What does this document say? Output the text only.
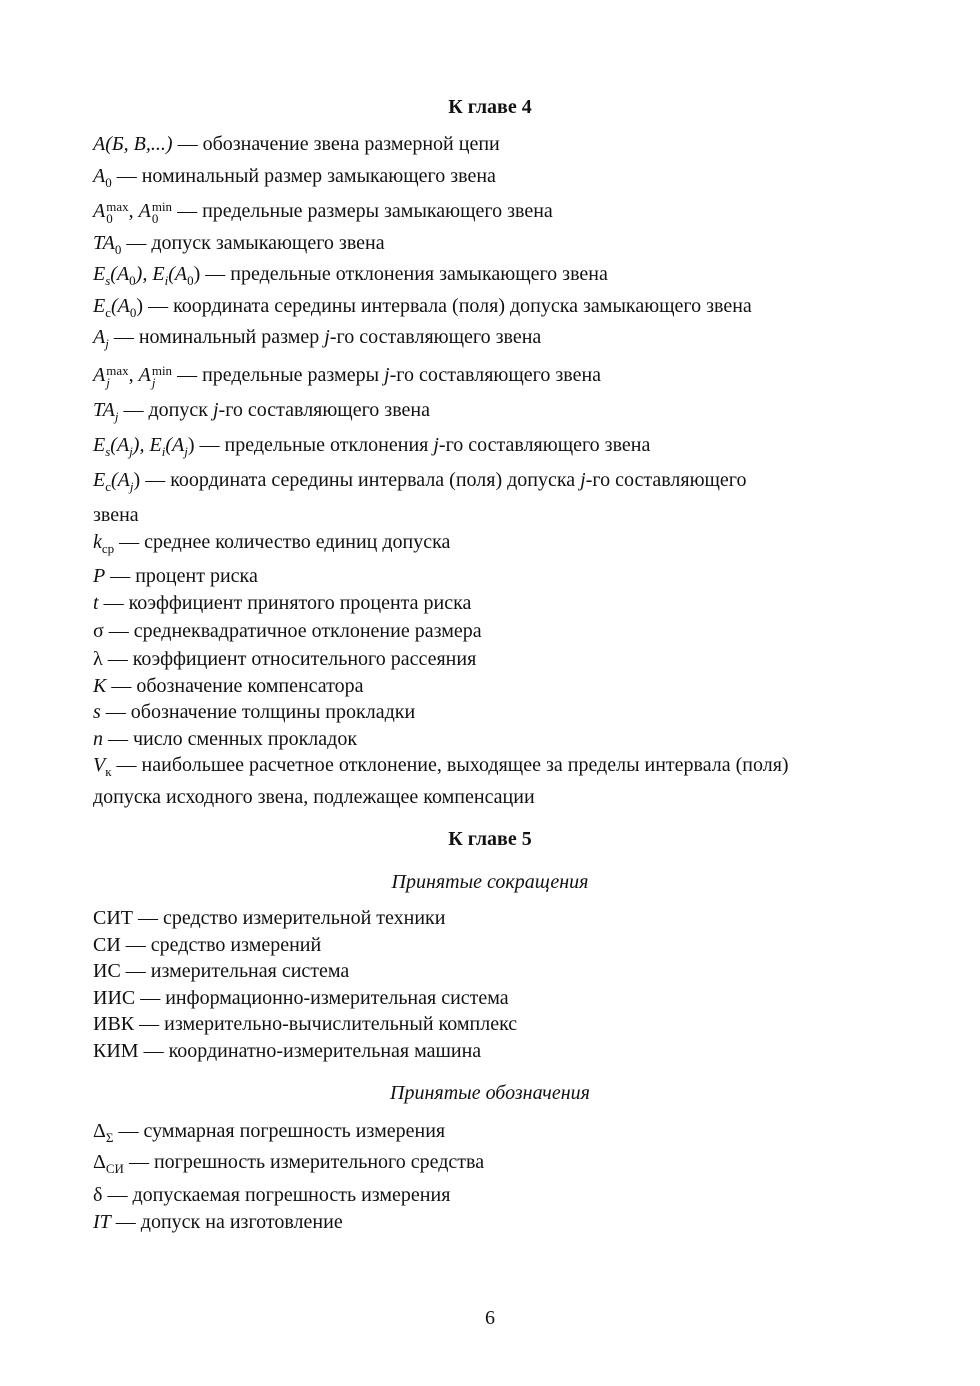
К главе 4
A(Б, В,...) — обозначение звена размерной цепи
$A_0$ — номинальный размер замыкающего звена
A max
0 , A min
0 — предельные размеры замыкающего звена
$TA_0$ — допуск замыкающего звена
$E_s(A_0)$, $E_i(A_0)$ — предельные отклонения замыкающего звена
$E_c(A_0)$ — координата середины интервала (поля) допуска замыкающего звена
$A_j$ — номинальный размер j-го составляющего звена
A max
j , A min
j	— предельные размеры j-го составляющего звена
$TA_j$ — допуск j-го составляющего звена
$E_s(A_j)$, $E_i(A_j)$ — предельные отклонения j-го составляющего звена
$E_c(A_j)$ — координата середины интервала (поля) допуска j-го составляющего
звена
$k_{ср}$ — среднее количество единиц допуска
P — процент риска
t — коэффициент принятого процента риска
σ — среднеквадратичное отклонение размера
λ — коэффициент относительного рассеяния
K — обозначение компенсатора
s — обозначение толщины прокладки
n — число сменных прокладок
$V_к$ — наибольшее расчетное отклонение, выходящее за пределы интервала (поля)
допуска исходного звена, подлежащее компенсации
К главе 5
Принятые сокращения
СИТ — средство измерительной техники
СИ — средство измерений
ИС — измерительная система
ИИС — информационно-измерительная система
ИВК — измерительно-вычислительный комплекс
КИМ — координатно-измерительная машина
Принятые обозначения
$\Delta_\Sigma$ — суммарная погрешность измерения
$\Delta_{СИ}$ — погрешность измерительного средства
δ — допускаемая погрешность измерения
IT — допуск на изготовление
6
